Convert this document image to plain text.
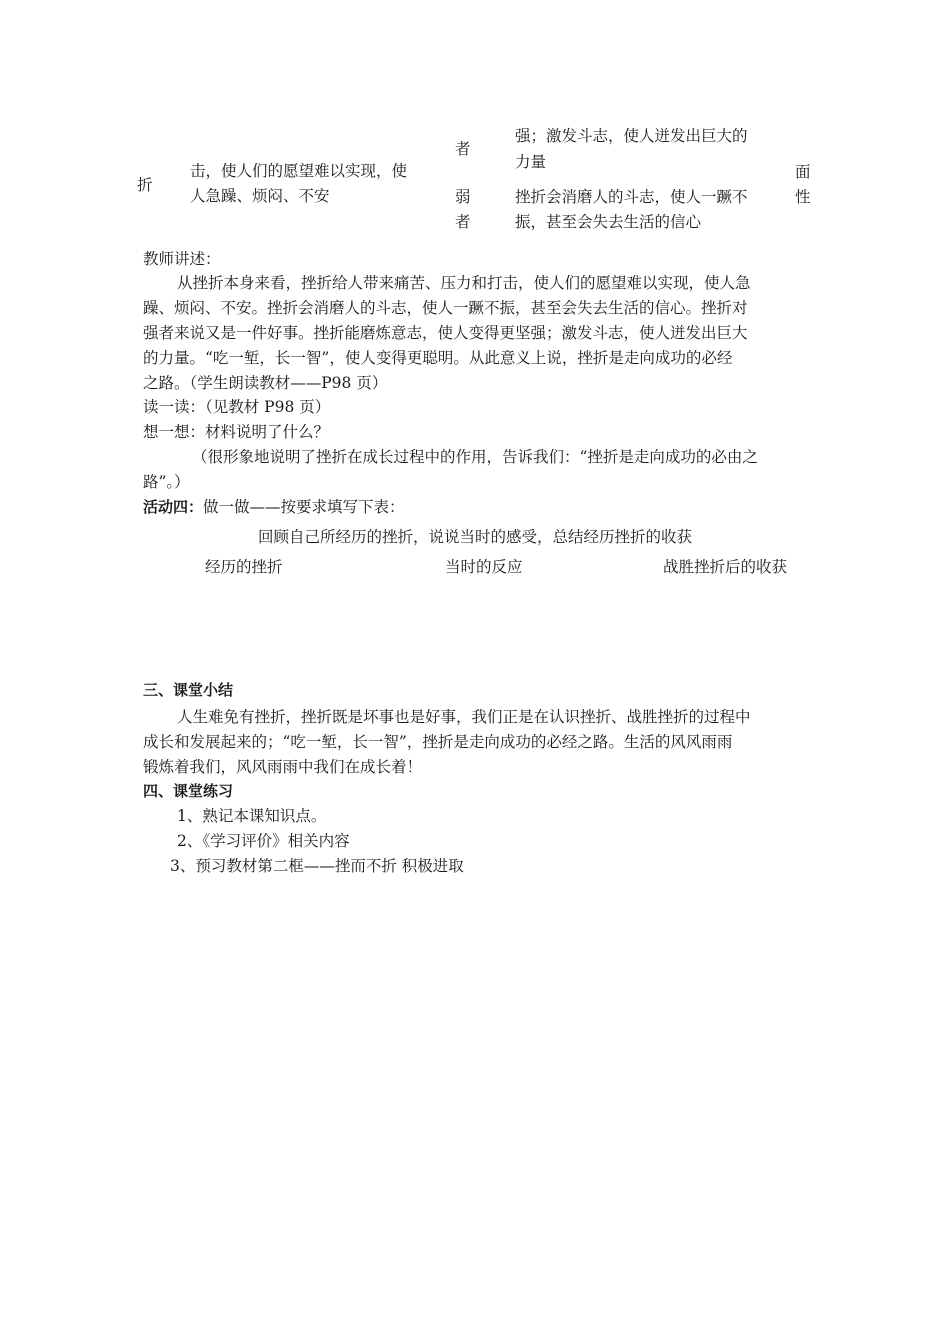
折
击，使人们的愿望难以实现，使
人急躁、烦闷、不安
者
强；激发斗志，使人迸发出巨大的
力量
弱
者
挫折会消磨人的斗志，使人一蹶不
振，甚至会失去生活的信心
面
性
教师讲述：
从挫折本身来看，挫折给人带来痛苦、压力和打击，使人们的愿望难以实现，使人急
躁、烦闷、不安。挫折会消磨人的斗志，使人一蹶不振，甚至会失去生活的信心。挫折对
强者来说又是一件好事。挫折能磨炼意志，使人变得更坚强；激发斗志，使人迸发出巨大
的力量。“吃一堑，长一智”，使人变得更聪明。从此意义上说，挫折是走向成功的必经
之路。（学生朗读教材——P98 页）
读一读：（见教材 P98 页）
想一想：材料说明了什么？
（很形象地说明了挫折在成长过程中的作用，告诉我们：“挫折是走向成功的必由之
路”。）
活动四：做一做——按要求填写下表：
回顾自己所经历的挫折，说说当时的感受，总结经历挫折的收获
经历的挫折	当时的反应	战胜挫折后的收获
三、课堂小结
人生难免有挫折，挫折既是坏事也是好事，我们正是在认识挫折、战胜挫折的过程中
成长和发展起来的；“吃一堑，长一智”，挫折是走向成功的必经之路。生活的风风雨雨
锻炼着我们，风风雨雨中我们在成长着！
四、课堂练习
1、熟记本课知识点。
2、《学习评价》相关内容
3、预习教材第二框——挫而不折 积极进取
